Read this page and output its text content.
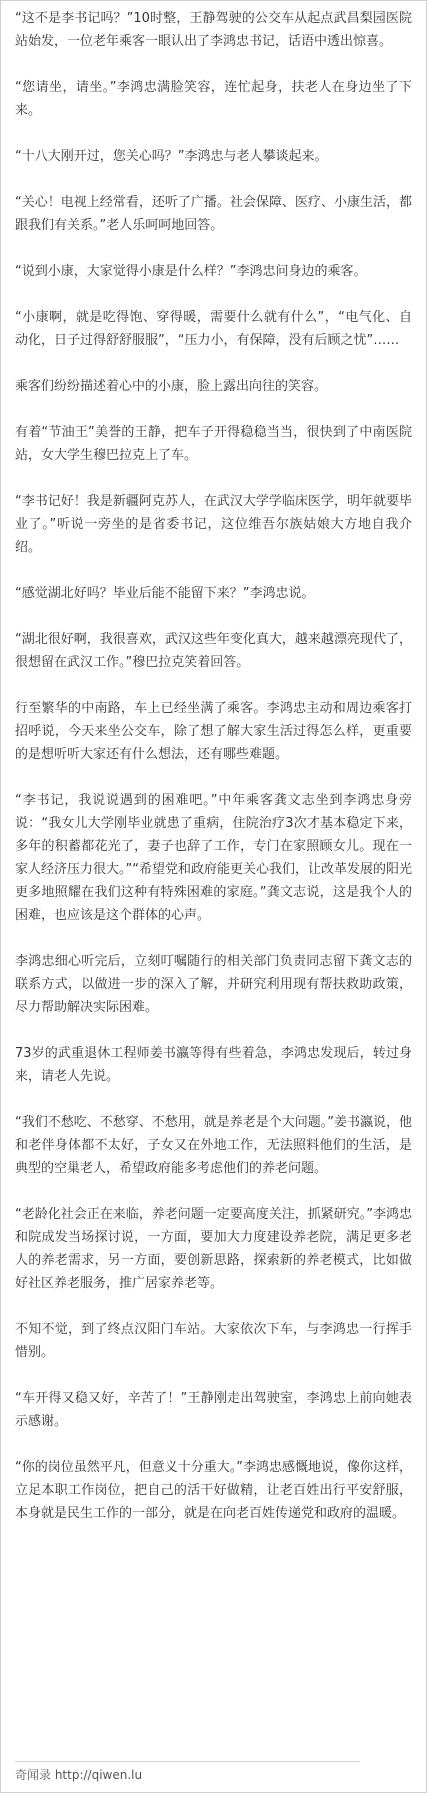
“这不是李书记吗？”10时整，王静驾驶的公交车从起点武昌梨园医院站始发，一位老年乘客一眼认出了李鸿忠书记，话语中透出惊喜。

“您请坐，请坐。”李鸿忠满脸笑容，连忙起身，扶老人在身边坐了下来。

“十八大刚开过，您关心吗？”李鸿忠与老人攀谈起来。

“关心！电视上经常看，还听了广播。社会保障、医疗、小康生活，都跟我们有关系。”老人乐呵呵地回答。

“说到小康，大家觉得小康是什么样？”李鸿忠问身边的乘客。

“小康啊，就是吃得饱、穿得暖，需要什么就有什么”，“电气化、自动化，日子过得舒舒服服”，“压力小，有保障，没有后顾之忧”……

乘客们纷纷描述着心中的小康，脸上露出向往的笑容。

有着“节油王”美誉的王静，把车子开得稳稳当当，很快到了中南医院站，女大学生穆巴拉克上了车。

“李书记好！我是新疆阿克苏人，在武汉大学学临床医学，明年就要毕业了。”听说一旁坐的是省委书记，这位维吾尔族姑娘大方地自我介绍。

“感觉湖北好吗？毕业后能不能留下来？”李鸿忠说。

“湖北很好啊，我很喜欢，武汉这些年变化真大，越来越漂亮现代了，很想留在武汉工作。”穆巴拉克笑着回答。

行至繁华的中南路，车上已经坐满了乘客。李鸿忠主动和周边乘客打招呼说，今天来坐公交车，除了想了解大家生活过得怎么样，更重要的是想听听大家还有什么想法，还有哪些难题。

“李书记，我说说遇到的困难吧。”中年乘客龚文志坐到李鸿忠身旁说：“我女儿大学刚毕业就患了重病，住院治疗3次才基本稳定下来，多年的积蓄都花光了，妻子也辞了工作，专门在家照顾女儿。现在一家人经济压力很大。”“希望党和政府能更关心我们，让改革发展的阳光更多地照耀在我们这种有特殊困难的家庭。”龚文志说，这是我个人的困难，也应该是这个群体的心声。

李鸿忠细心听完后，立刻叮嘱随行的相关部门负责同志留下龚文志的联系方式，以做进一步的深入了解，并研究利用现有帮扶救助政策，尽力帮助解决实际困难。

73岁的武重退休工程师姜书瀛等得有些着急，李鸿忠发现后，转过身来，请老人先说。

“我们不愁吃、不愁穿、不愁用，就是养老是个大问题。”姜书瀛说，他和老伴身体都不太好，子女又在外地工作，无法照料他们的生活，是典型的空巢老人，希望政府能多考虑他们的养老问题。

“老龄化社会正在来临，养老问题一定要高度关注，抓紧研究。”李鸿忠和院成发当场探讨说，一方面，要加大力度建设养老院，满足更多老人的养老需求，另一方面，要创新思路，探索新的养老模式，比如做好社区养老服务，推广居家养老等。

不知不觉，到了终点汉阳门车站。大家依次下车，与李鸿忠一行挥手惜别。

“车开得又稳又好，辛苦了！”王静刚走出驾驶室，李鸿忠上前向她表示感谢。

“你的岗位虽然平凡，但意义十分重大。”李鸿忠感慨地说，像你这样，立足本职工作岗位，把自己的活干好做精，让老百姓出行平安舒服，本身就是民生工作的一部分，就是在向老百姓传递党和政府的温暖。

奇闻录 http://qiwen.lu
